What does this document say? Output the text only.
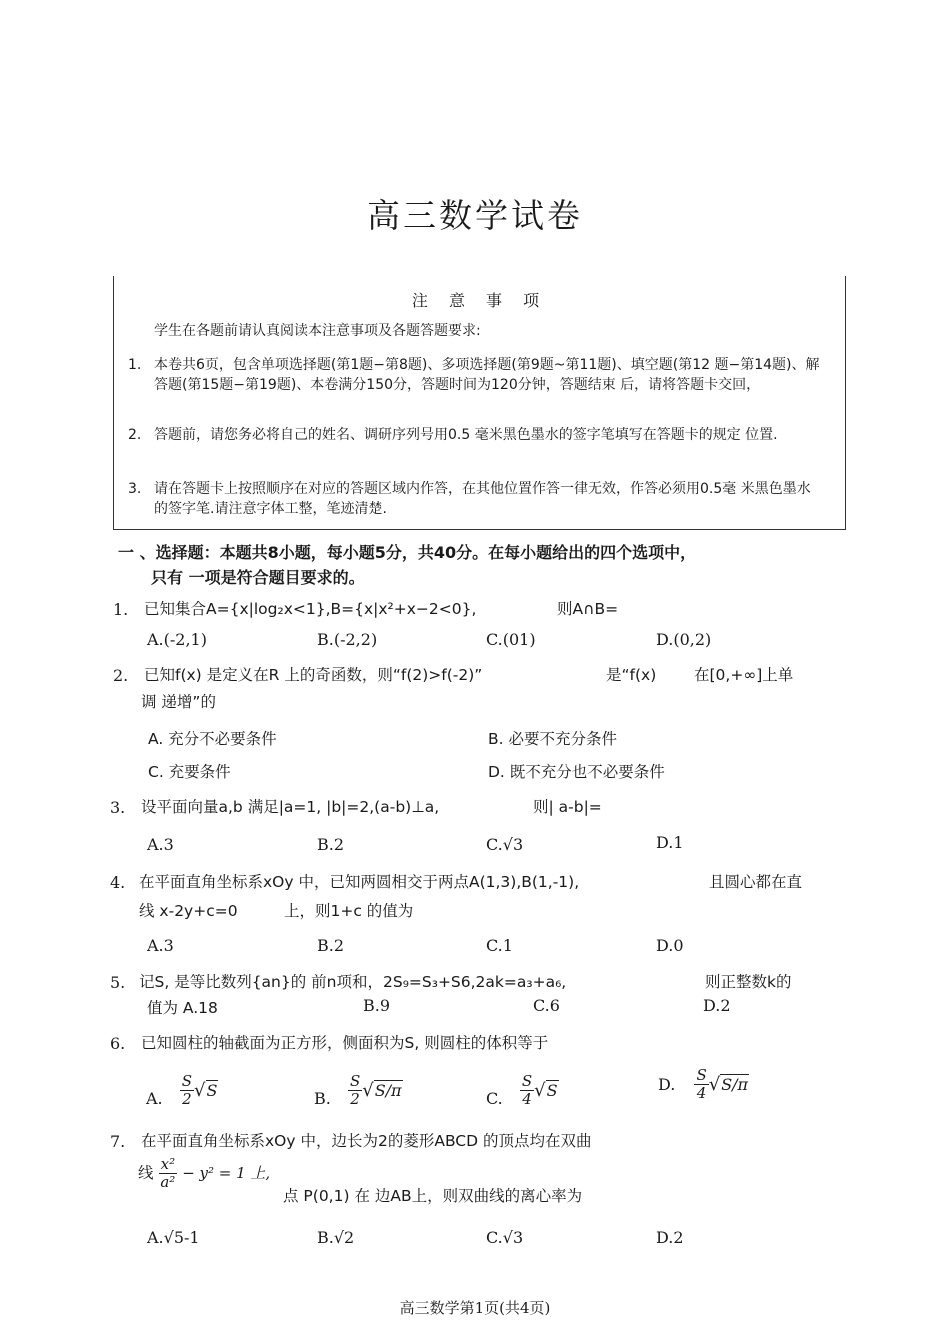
高三数学试卷
注 意 事 项
学生在各题前请认真阅读本注意事项及各题答题要求:
1. 本卷共6页，包含单项选择题(第1题−第8题)、多项选择题(第9题~第11题)、填空题(第12 题−第14题)、解答题(第15题−第19题)、本卷满分150分，答题时间为120分钟，答题结束 后，请将答题卡交回，
2. 答题前，请您务必将自己的姓名、调研序列号用0.5 毫米黑色墨水的签字笔填写在答题卡的规定 位置.
3. 请在答题卡上按照顺序在对应的答题区域内作答，在其他位置作答一律无效，作答必须用0.5毫 米黑色墨水的签字笔.请注意字体工整，笔迹清楚.
一 、选择题：本题共8小题，每小题5分，共40分。在每小题给出的四个选项中，
只有 一项是符合题目要求的。
1. 已知集合A={x|log₂x<1},B={x|x²+x−2<0},	则A∩B=
A.(-2,1)	B.(-2,2)	C.(01)	D.(0,2)
2. 已知f(x) 是定义在R 上的奇函数，则“f(2)>f(-2)”	是“f(x) 在[0,+∞]上单
调 递增”的
A. 充分不必要条件	B. 必要不充分条件
C. 充要条件	D. 既不充分也不必要条件
3. 设平面向量a,b 满足|a=1, |b|=2,(a-b)⊥a,	则| a-b|=
A.3	B.2	C.√3	D.1
4. 在平面直角坐标系xOy 中，已知两圆相交于两点A(1,3),B(1,-1),	且圆心都在直
线 x-2y+c=0	上，则1+c 的值为
A.3	B.2	C.1	D.0
5. 记S, 是等比数列{an}的 前n项和，2S₉=S₃+S6,2ak=a₃+a₆,	则正整数k的
值为 A.18	B.9	C.6	D.2
6. 已知圆柱的轴截面为正方形，侧面积为S, 则圆柱的体积等于
A. $\frac{S}{2} √S$	B. $\frac{S}{2} √S/\pi$	C. $\frac{S}{4} √S$	D. $\frac{S}{4} √S/\pi$
7. 在平面直角坐标系xOy 中，边长为2的菱形ABCD 的顶点均在双曲
线 $\frac{\text{x²}}{\text{a²}} - y^2 = 1$ 上,
点 P(0,1) 在 边AB上，则双曲线的离心率为
A.√5-1	B.√2	C.√3	D.2
高三数学第1页(共4页)
